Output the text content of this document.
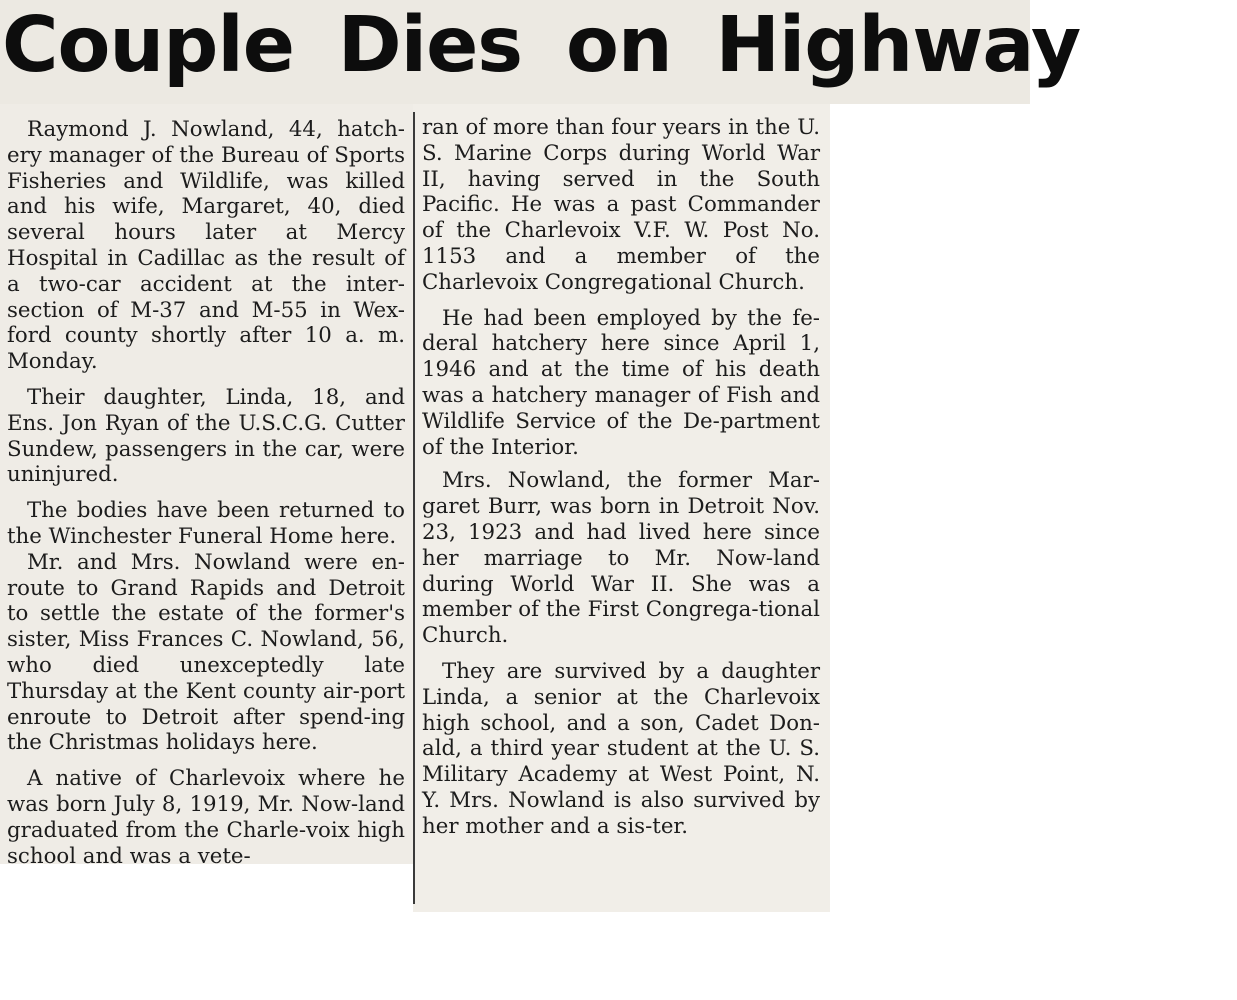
Couple Dies on Highway

Raymond J. Nowland, 44, hatch-ery manager of the Bureau of Sports Fisheries and Wildlife, was killed and his wife, Margaret, 40, died several hours later at Mercy Hospital in Cadillac as the result of a two-car accident at the inter-section of M-37 and M-55 in Wex-ford county shortly after 10 a. m. Monday.

Their daughter, Linda, 18, and Ens. Jon Ryan of the U.S.C.G. Cutter Sundew, passengers in the car, were uninjured.

The bodies have been returned to the Winchester Funeral Home here.

Mr. and Mrs. Nowland were en-route to Grand Rapids and Detroit to settle the estate of the former's sister, Miss Frances C. Nowland, 56, who died unexceptedly late Thursday at the Kent county air-port enroute to Detroit after spend-ing the Christmas holidays here.

A native of Charlevoix where he was born July 8, 1919, Mr. Now-land graduated from the Charle-voix high school and was a vete-

ran of more than four years in the U. S. Marine Corps during World War II, having served in the South Pacific. He was a past Commander of the Charlevoix V.F. W. Post No. 1153 and a member of the Charlevoix Congregational Church.

He had been employed by the fe-deral hatchery here since April 1, 1946 and at the time of his death was a hatchery manager of Fish and Wildlife Service of the De-partment of the Interior.

Mrs. Nowland, the former Mar-garet Burr, was born in Detroit Nov. 23, 1923 and had lived here since her marriage to Mr. Now-land during World War II. She was a member of the First Congrega-tional Church.

They are survived by a daughter Linda, a senior at the Charlevoix high school, and a son, Cadet Don-ald, a third year student at the U. S. Military Academy at West Point, N. Y. Mrs. Nowland is also survived by her mother and a sis-ter.
